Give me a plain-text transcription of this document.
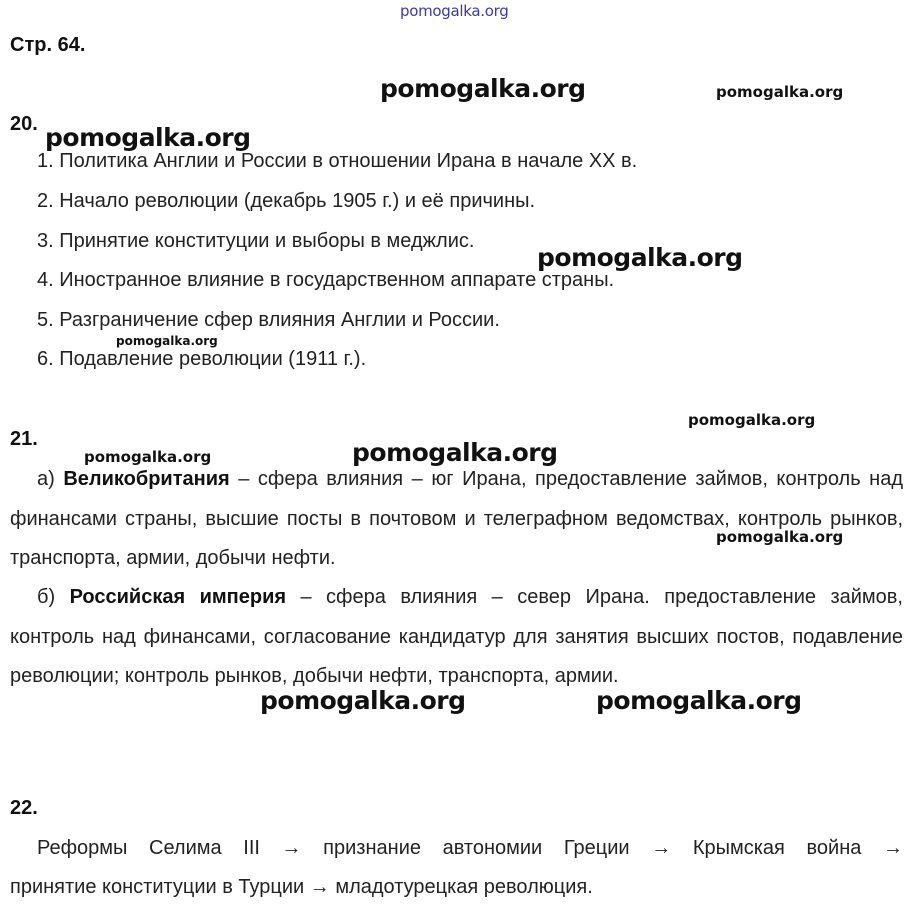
pomogalka.org
Стр. 64.
pomogalka.org	pomogalka.org
20. pomogalka.org
1. Политика Англии и России в отношении Ирана в начале XX в.
2. Начало революции (декабрь 1905 г.) и её причины.
3. Принятие конституции и выборы в меджлис.
4. Иностранное влияние в государственном аппарате страны.
pomogalka.org
5. Разграничение сфер влияния Англии и России.
pomogalka.org
6. Подавление революции (1911 г.).
pomogalka.org
21.
pomogalka.org	pomogalka.org
а) Великобритания – сфера влияния – юг Ирана, предоставление займов, контроль над финансами страны, высшие посты в почтовом и телеграфном ведомствах, контроль рынков, транспорта, армии, добычи нефти.
pomogalka.org
б) Российская империя – сфера влияния – север Ирана. предоставление займов, контроль над финансами, согласование кандидатур для занятия высших постов, подавление революции; контроль рынков, добычи нефти, транспорта, армии.
pomogalka.org	pomogalka.org
22.
Реформы Селима III → признание автономии Греции → Крымская война →
принятие конституции в Турции → младотурецкая революция.
